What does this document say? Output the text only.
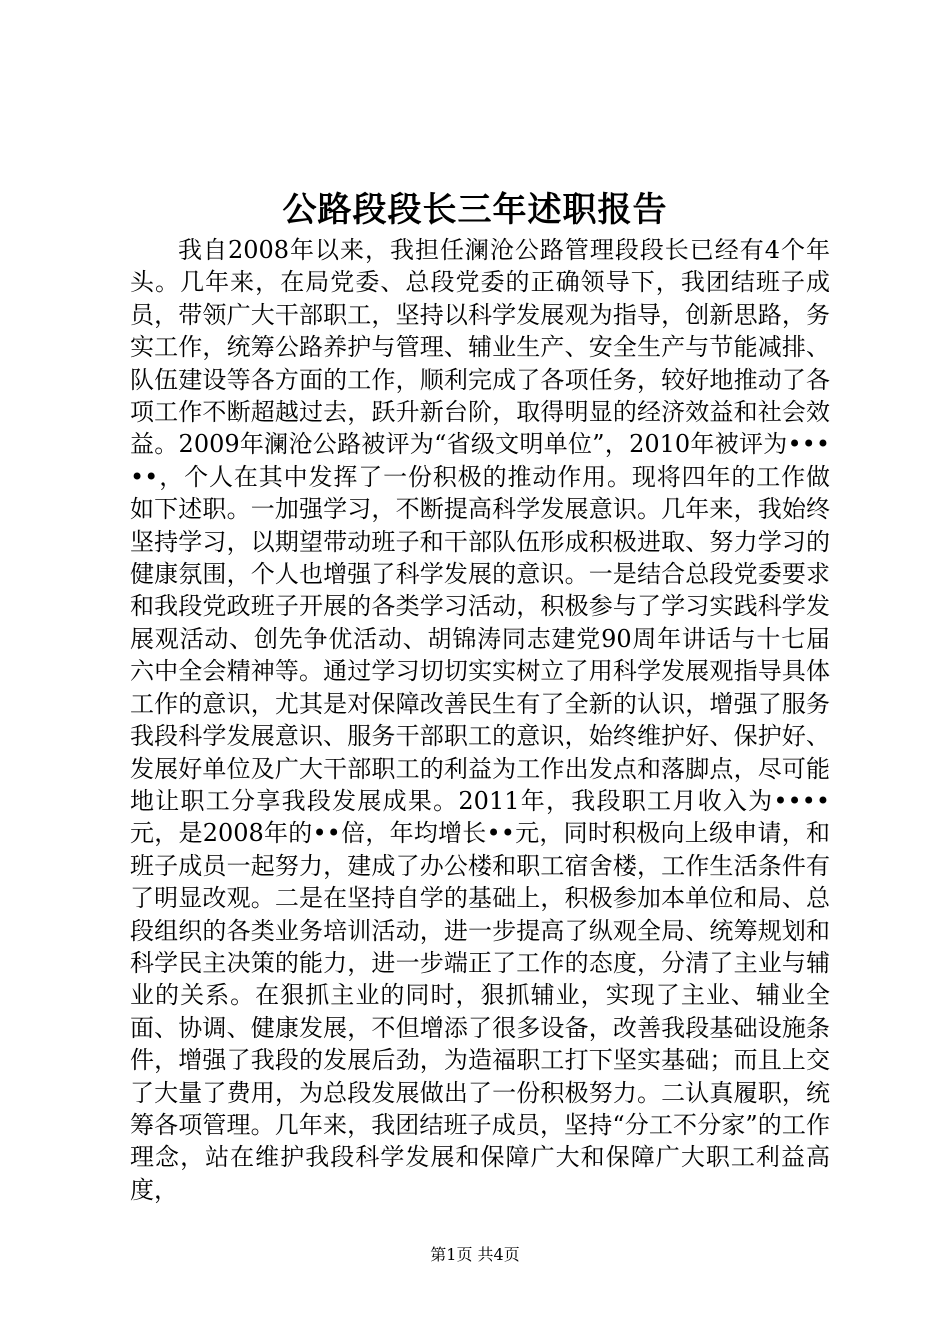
公路段段长三年述职报告

我自2008年以来，我担任澜沧公路管理段段长已经有4个年头。几年来，在局党委、总段党委的正确领导下，我团结班子成员，带领广大干部职工，坚持以科学发展观为指导，创新思路，务实工作，统筹公路养护与管理、辅业生产、安全生产与节能减排、队伍建设等各方面的工作，顺利完成了各项任务，较好地推动了各项工作不断超越过去，跃升新台阶，取得明显的经济效益和社会效益。2009年澜沧公路被评为“省级文明单位”，2010年被评为•••••，个人在其中发挥了一份积极的推动作用。现将四年的工作做如下述职。一加强学习，不断提高科学发展意识。几年来，我始终坚持学习，以期望带动班子和干部队伍形成积极进取、努力学习的健康氛围，个人也增强了科学发展的意识。一是结合总段党委要求和我段党政班子开展的各类学习活动，积极参与了学习实践科学发展观活动、创先争优活动、胡锦涛同志建党90周年讲话与十七届六中全会精神等。通过学习切切实实树立了用科学发展观指导具体工作的意识，尤其是对保障改善民生有了全新的认识，增强了服务我段科学发展意识、服务干部职工的意识，始终维护好、保护好、发展好单位及广大干部职工的利益为工作出发点和落脚点，尽可能地让职工分享我段发展成果。2011年，我段职工月收入为••••元，是2008年的••倍，年均增长••元，同时积极向上级申请，和班子成员一起努力，建成了办公楼和职工宿舍楼，工作生活条件有了明显改观。二是在坚持自学的基础上，积极参加本单位和局、总段组织的各类业务培训活动，进一步提高了纵观全局、统筹规划和科学民主决策的能力，进一步端正了工作的态度，分清了主业与辅业的关系。在狠抓主业的同时，狠抓辅业，实现了主业、辅业全面、协调、健康发展，不但增添了很多设备，改善我段基础设施条件，增强了我段的发展后劲，为造福职工打下坚实基础；而且上交了大量了费用，为总段发展做出了一份积极努力。二认真履职，统筹各项管理。几年来，我团结班子成员，坚持“分工不分家”的工作理念，站在维护我段科学发展和保障广大和保障广大职工利益高度，

第1页 共4页
